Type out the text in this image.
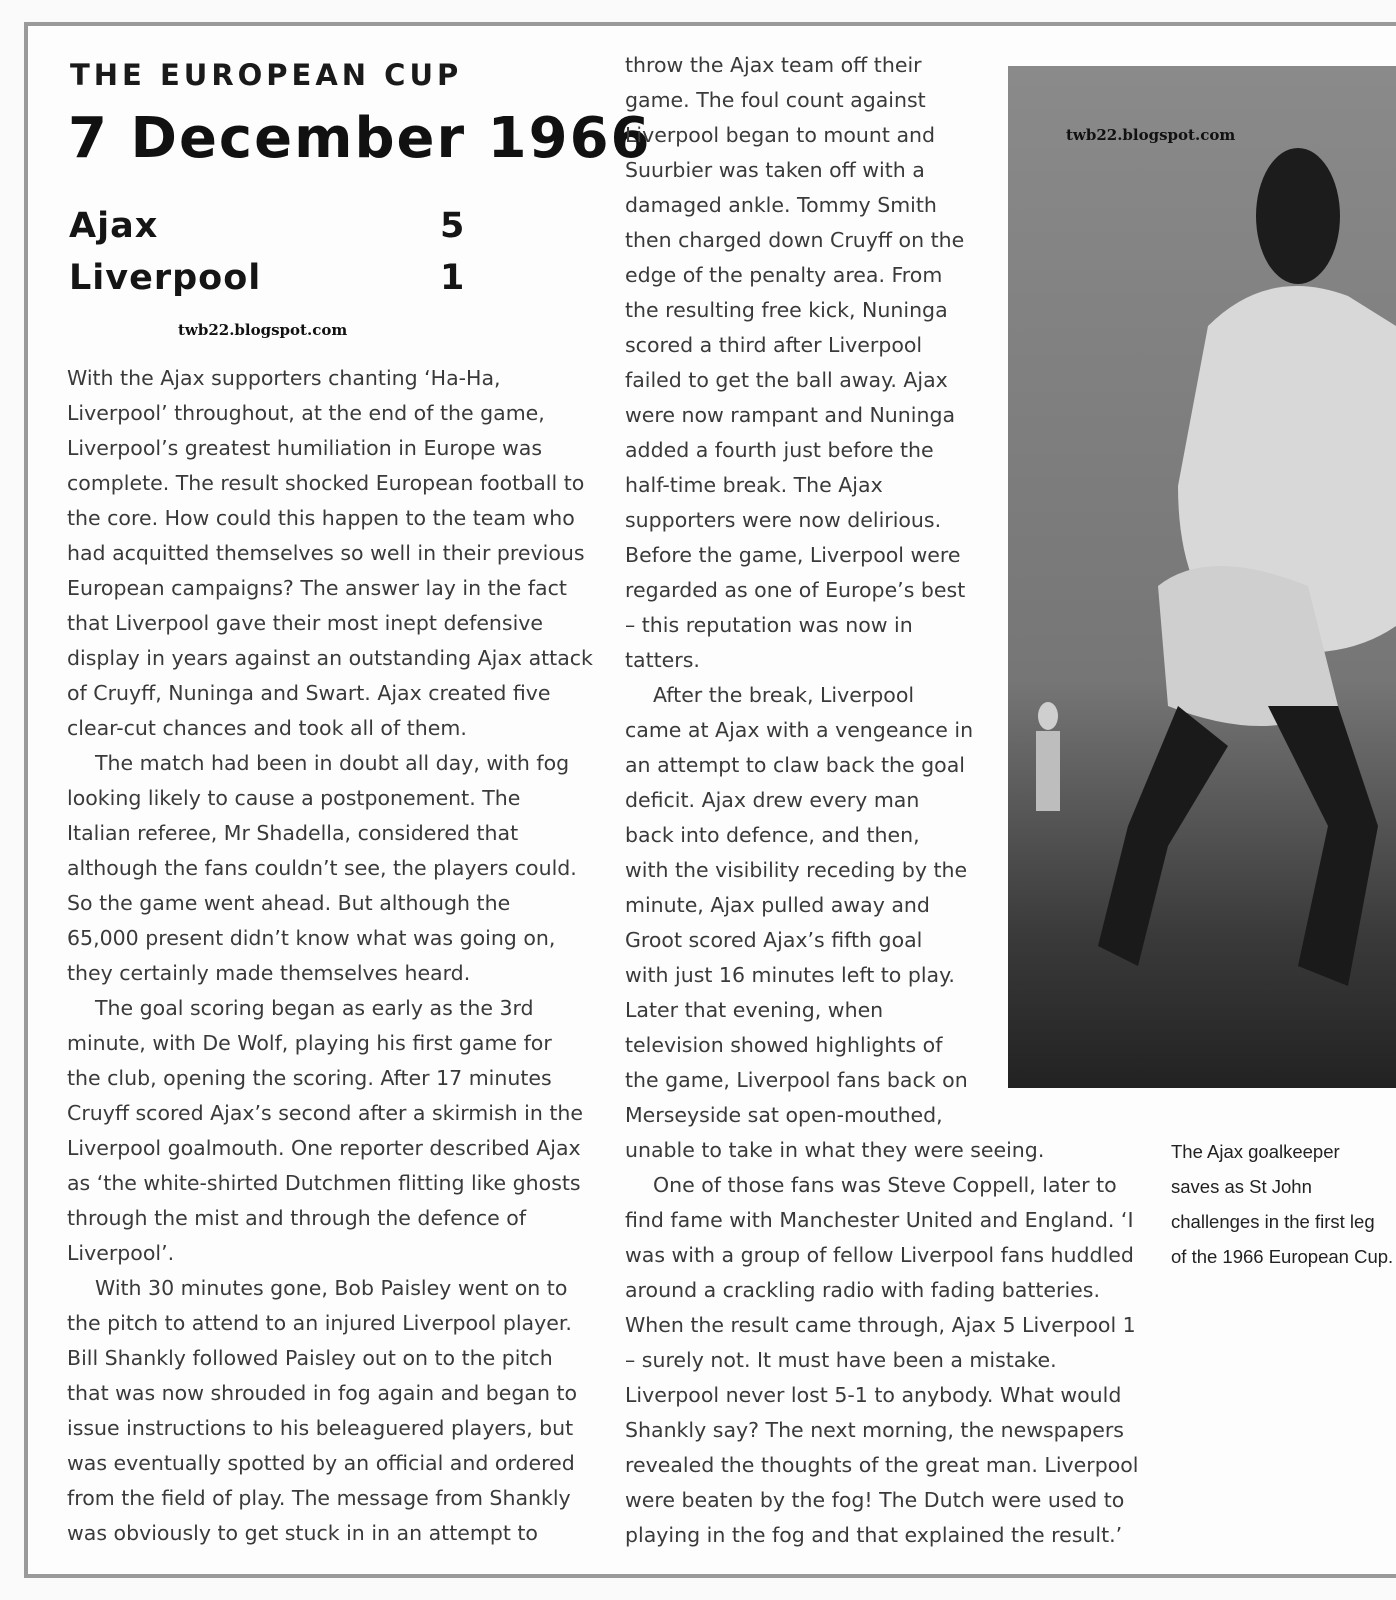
THE EUROPEAN CUP
7 December 1966
Ajax	5
Liverpool	1
twb22.blogspot.com
With the Ajax supporters chanting ‘Ha-Ha,
Liverpool’ throughout, at the end of the game,
Liverpool’s greatest humiliation in Europe was
complete. The result shocked European football to
the core. How could this happen to the team who
had acquitted themselves so well in their previous
European campaigns? The answer lay in the fact
that Liverpool gave their most inept defensive
display in years against an outstanding Ajax attack
of Cruyff, Nuninga and Swart. Ajax created five
clear-cut chances and took all of them.
The match had been in doubt all day, with fog
looking likely to cause a postponement. The
Italian referee, Mr Shadella, considered that
although the fans couldn’t see, the players could.
So the game went ahead. But although the
65,000 present didn’t know what was going on,
they certainly made themselves heard.
The goal scoring began as early as the 3rd
minute, with De Wolf, playing his first game for
the club, opening the scoring. After 17 minutes
Cruyff scored Ajax’s second after a skirmish in the
Liverpool goalmouth. One reporter described Ajax
as ‘the white-shirted Dutchmen flitting like ghosts
through the mist and through the defence of
Liverpool’.
With 30 minutes gone, Bob Paisley went on to
the pitch to attend to an injured Liverpool player.
Bill Shankly followed Paisley out on to the pitch
that was now shrouded in fog again and began to
issue instructions to his beleaguered players, but
was eventually spotted by an official and ordered
from the field of play. The message from Shankly
was obviously to get stuck in in an attempt to
throw the Ajax team off their
game. The foul count against
Liverpool began to mount and
Suurbier was taken off with a
damaged ankle. Tommy Smith
then charged down Cruyff on the
edge of the penalty area. From
the resulting free kick, Nuninga
scored a third after Liverpool
failed to get the ball away. Ajax
were now rampant and Nuninga
added a fourth just before the
half-time break. The Ajax
supporters were now delirious.
Before the game, Liverpool were
regarded as one of Europe’s best
– this reputation was now in
tatters.
After the break, Liverpool
came at Ajax with a vengeance in
an attempt to claw back the goal
deficit. Ajax drew every man
back into defence, and then,
with the visibility receding by the
minute, Ajax pulled away and
Groot scored Ajax’s fifth goal
with just 16 minutes left to play.
Later that evening, when
television showed highlights of
the game, Liverpool fans back on
Merseyside sat open-mouthed,
unable to take in what they were seeing.
One of those fans was Steve Coppell, later to
find fame with Manchester United and England. ‘I
was with a group of fellow Liverpool fans huddled
around a crackling radio with fading batteries.
When the result came through, Ajax 5 Liverpool 1
– surely not. It must have been a mistake.
Liverpool never lost 5-1 to anybody. What would
Shankly say? The next morning, the newspapers
revealed the thoughts of the great man. Liverpool
were beaten by the fog! The Dutch were used to
playing in the fog and that explained the result.’
twb22.blogspot.com
The Ajax goalkeeper
saves as St John
challenges in the first leg
of the 1966 European Cup.
